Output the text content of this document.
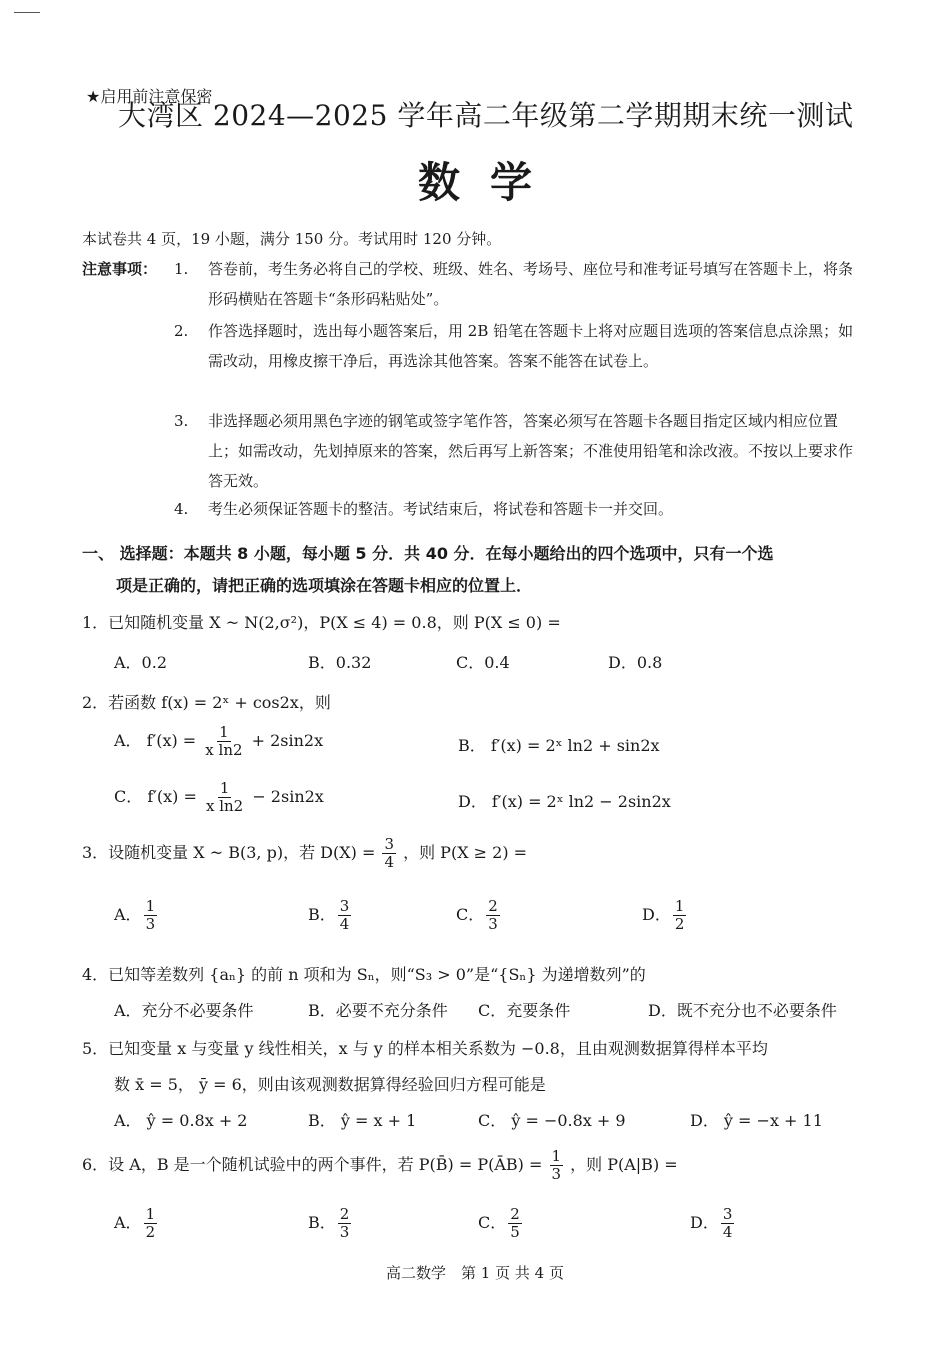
★启用前注意保密
大湾区 2024—2025 学年高二年级第二学期期末统一测试
数学
本试卷共 4 页，19 小题，满分 150 分。考试用时 120 分钟。
注意事项： 1. 答卷前，考生务必将自己的学校、班级、姓名、考场号、座位号和准考证号填写在答题卡上，将条形码横贴在答题卡“条形码粘贴处”。
2. 作答选择题时，选出每小题答案后，用 2B 铅笔在答题卡上将对应题目选项的答案信息点涂黑；如需改动，用橡皮擦干净后，再选涂其他答案。答案不能答在试卷上。
3. 非选择题必须用黑色字迹的钢笔或签字笔作答，答案必须写在答题卡各题目指定区域内相应位置上；如需改动，先划掉原来的答案，然后再写上新答案；不准使用铅笔和涂改液。不按以上要求作答无效。
4. 考生必须保证答题卡的整洁。考试结束后，将试卷和答题卡一并交回。
一、 选择题：本题共 8 小题，每小题 5 分．共 40 分．在每小题给出的四个选项中，只有一个选
项是正确的，请把正确的选项填涂在答题卡相应的位置上．
1．已知随机变量 X ~ N(2,σ²)，P(X ≤ 4) = 0.8，则 P(X ≤ 0) =
A．0.2	B．0.32	C．0.4	D．0.8
2．若函数 f(x) = 2ˣ + cos2x，则
A． $f'(x) = \frac{1}{\text{x ln2}} + 2\sin 2x$	B． f′(x) = 2ˣ ln2 + sin2x
C． $f'(x) = \frac{1}{\text{x ln2}} - 2\sin 2x$	D． f′(x) = 2ˣ ln2 − 2sin2x
3．设随机变量 X ~ B(3, p)，若 $D(X) = \frac{3}{4}$ ，则 P(X ≥ 2) =
A． $\frac{1}{3}$	B． $\frac{3}{4}$	C． $\frac{2}{3}$	D． $\frac{1}{2}$
4．已知等差数列 {aₙ} 的前 n 项和为 Sₙ，则“S₃ > 0”是“{Sₙ} 为递增数列”的
A．充分不必要条件	B．必要不充分条件 C．充要条件	D．既不充分也不必要条件
5．已知变量 x 与变量 y 线性相关，x 与 y 的样本相关系数为 −0.8，且由观测数据算得样本平均
数 x̄ = 5， ȳ = 6，则由该观测数据算得经验回归方程可能是
A． ŷ = 0.8x + 2	B． ŷ = x + 1	C． ŷ = −0.8x + 9	D． ŷ = −x + 11
6．设 A，B 是一个随机试验中的两个事件，若 P(B̄) = P(ĀB) = $\frac{1}{3}$ ，则 P(A|B) =
A． $\frac{1}{2}$	B． $\frac{2}{3}$	C． $\frac{2}{5}$	D． $\frac{3}{4}$
高二数学　第 1 页 共 4 页
